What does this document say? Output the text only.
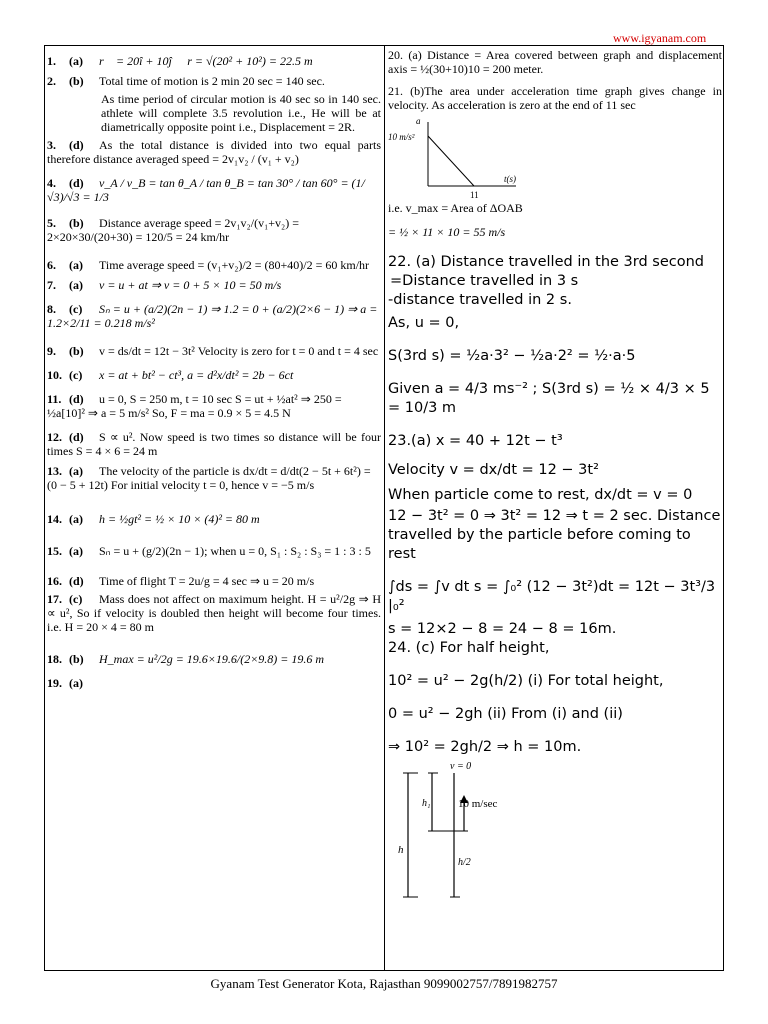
www.igyanam.com
1. (a) r⃗ = 20î + 10ĵ ∴ r = √(20² + 10²) = 22.5 m
2. (b) Total time of motion is 2 min 20 sec = 140 sec.
As time period of circular motion is 40 sec so in 140 sec. athlete will complete 3.5 revolution i.e., He will be at diametrically opposite point i.e., Displacement = 2R.
3. (d) As the total distance is divided into two equal parts therefore distance averaged speed = 2v₁v₂ / (v₁ + v₂)
4. (d) v_A / v_B = tan θ_A / tan θ_B = tan 30° / tan 60° = (1/√3)/√3 = 1/3
5. (b) Distance average speed = 2v₁v₂/(v₁+v₂) = 2×20×30/(20+30) = 120/5 = 24 km/hr
6. (a) Time average speed = (v₁+v₂)/2 = (80+40)/2 = 60 km/hr
7. (a) v = u + at ⇒ v = 0 + 5 × 10 = 50 m/s
8. (c) Sₙ = u + (a/2)(2n − 1) ⇒ 1.2 = 0 + (a/2)(2×6 − 1) ⇒ a = 1.2×2/11 = 0.218 m/s²
9. (b) v = ds/dt = 12t − 3t² Velocity is zero for t = 0 and t = 4 sec
10. (c) x = at + bt² − ct³, a = d²x/dt² = 2b − 6ct
11. (d) u = 0, S = 250 m, t = 10 sec S = ut + ½at² ⇒ 250 = ½a[10]² ⇒ a = 5 m/s² So, F = ma = 0.9 × 5 = 4.5 N
12. (d) S ∝ u². Now speed is two times so distance will be four times S = 4 × 6 = 24 m
13. (a) The velocity of the particle is dx/dt = d/dt(2 − 5t + 6t²) = (0 − 5 + 12t) For initial velocity t = 0, hence v = −5 m/s
14. (a) h = ½gt² = ½ × 10 × (4)² = 80 m
15. (a) Sₙ = u + (g/2)(2n − 1); when u = 0, S₁ : S₂ : S₃ = 1 : 3 : 5
16. (d) Time of flight T = 2u/g = 4 sec ⇒ u = 20 m/s
17. (c) Mass does not affect on maximum height. H = u²/2g ⇒ H ∝ u², So if velocity is doubled then height will become four times. i.e. H = 20 × 4 = 80 m
18. (b) H_max = u²/2g = 19.6×19.6/(2×9.8) = 19.6 m
19. (a)
20. (a) Distance = Area covered between graph and displacement axis = ½(30+10)10 = 200 meter.
21. (b)The area under acceleration time graph gives change in velocity. As acceleration is zero at the end of 11 sec
a
10 m/s²
t(s)
11
i.e. v_max = Area of ΔOAB
= ½ × 11 × 10 = 55 m/s
22. (a) Distance travelled in the 3rd second
=Distance travelled in 3 s
-distance travelled in 2 s.
As, u = 0,
S(3rd s) = ½a·3² − ½a·2² = ½·a·5
Given a = 4/3 ms⁻² ; S(3rd s) = ½ × 4/3 × 5 = 10/3 m
23.(a) x = 40 + 12t − t³
Velocity v = dx/dt = 12 − 3t²
When particle come to rest, dx/dt = v = 0
12 − 3t² = 0 ⇒ 3t² = 12 ⇒ t = 2 sec. Distance travelled by the particle before coming to rest
∫ds = ∫v dt s = ∫₀² (12 − 3t²)dt = 12t − 3t³/3 |₀²
s = 12×2 − 8 = 24 − 8 = 16m.
24. (c) For half height,
10² = u² − 2g(h/2) (i) For total height,
0 = u² − 2gh (ii) From (i) and (ii)
⇒ 10² = 2gh/2 ⇒ h = 10m.
v = 0
h₁	10 m/sec
h
h/2
Gyanam Test Generator Kota, Rajasthan 9099002757/7891982757
